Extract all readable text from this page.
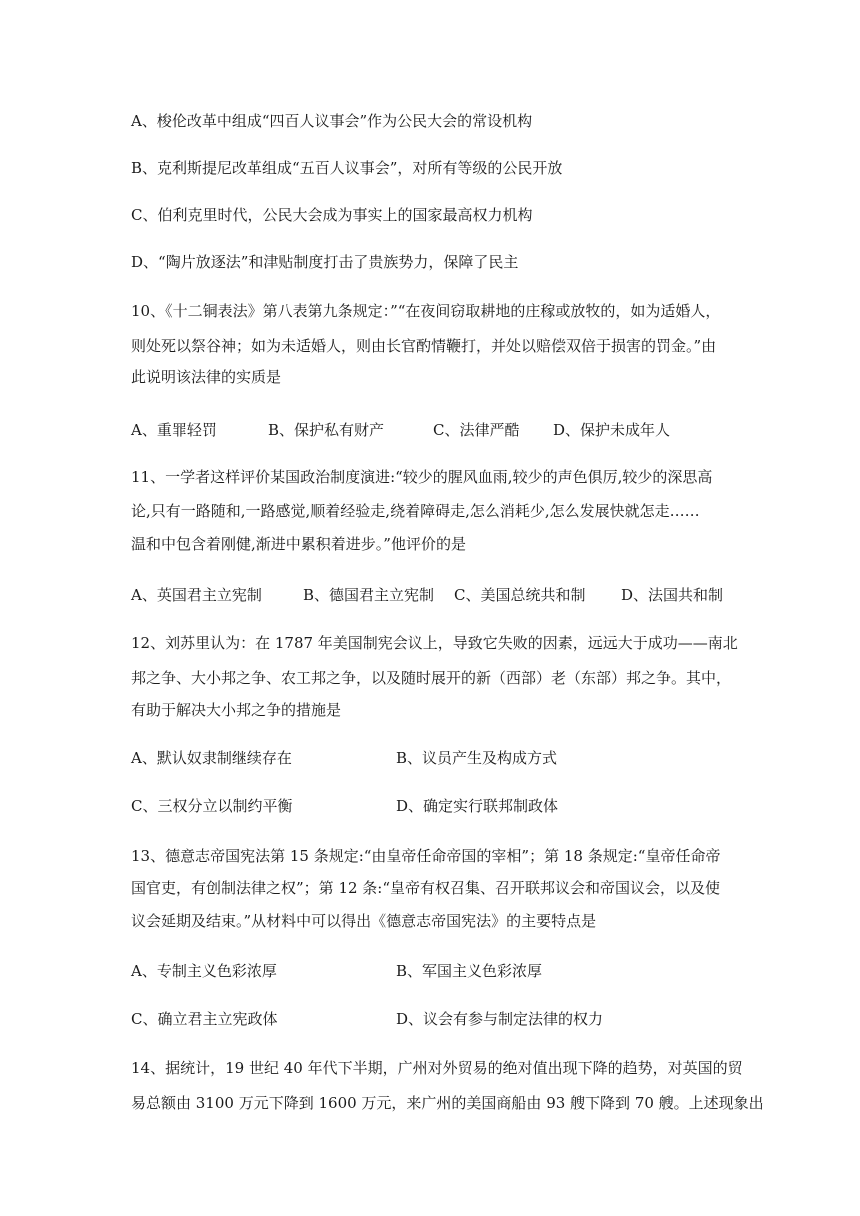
A、梭伦改革中组成“四百人议事会”作为公民大会的常设机构
B、克利斯提尼改革组成“五百人议事会”，对所有等级的公民开放
C、伯利克里时代，公民大会成为事实上的国家最高权力机构
D、“陶片放逐法”和津贴制度打击了贵族势力，保障了民主
10、《十二铜表法》第八表第九条规定：”“在夜间窃取耕地的庄稼或放牧的，如为适婚人，
则处死以祭谷神；如为未适婚人，则由长官酌情鞭打，并处以赔偿双倍于损害的罚金。”由
此说明该法律的实质是
A、重罪轻罚	B、保护私有财产	C、法律严酷 D、保护未成年人
11、一学者这样评价某国政治制度演进:“较少的腥风血雨,较少的声色俱厉,较少的深思高
论,只有一路随和,一路感觉,顺着经验走,绕着障碍走,怎么消耗少,怎么发展快就怎走……
温和中包含着刚健,渐进中累积着进步。”他评价的是
A、英国君主立宪制	B、德国君主立宪制 C、美国总统共和制 D、法国共和制
12、刘苏里认为：在 1787 年美国制宪会议上，导致它失败的因素，远远大于成功——南北
邦之争、大小邦之争、农工邦之争，以及随时展开的新（西部）老（东部）邦之争。其中，
有助于解决大小邦之争的措施是
A、默认奴隶制继续存在	B、议员产生及构成方式
C、三权分立以制约平衡	D、确定实行联邦制政体
13、德意志帝国宪法第 15 条规定:“由皇帝任命帝国的宰相”；第 18 条规定:“皇帝任命帝
国官吏，有创制法律之权”；第 12 条:“皇帝有权召集、召开联邦议会和帝国议会，以及使
议会延期及结束。”从材料中可以得出《德意志帝国宪法》的主要特点是
A、专制主义色彩浓厚	B、军国主义色彩浓厚
C、确立君主立宪政体	D、议会有参与制定法律的权力
14、据统计，19 世纪 40 年代下半期，广州对外贸易的绝对值出现下降的趋势，对英国的贸
易总额由 3100 万元下降到 1600 万元，来广州的美国商船由 93 艘下降到 70 艘。上述现象出
